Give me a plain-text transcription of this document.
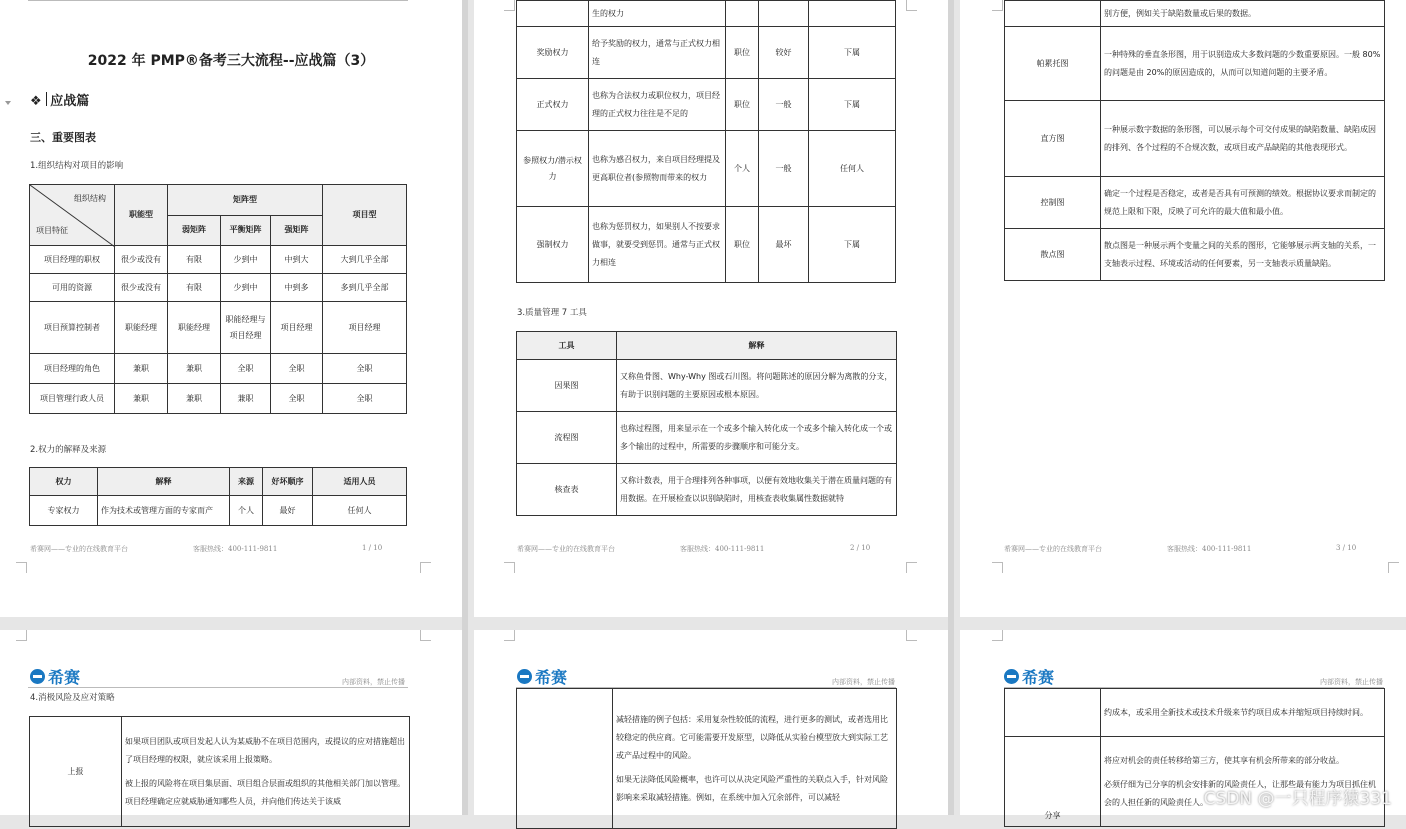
2022 年 PMP®备考三大流程--应战篇（3）
❖ 应战篇
三、重要图表
1.组织结构对项目的影响
组织结构
项目特征	职能型	矩阵型			项目型
		弱矩阵	平衡矩阵	强矩阵	
项目经理的职权	很少或没有	有限	少到中	中到大	大到几乎全部
可用的资源	很少或没有	有限	少到中	中到多	多到几乎全部
项目预算控制者	职能经理	职能经理	职能经理与项目经理	项目经理	项目经理
项目经理的角色	兼职	兼职	全职	全职	全职
项目管理行政人员	兼职	兼职	兼职	全职	全职
2.权力的解释及来源
权力	解释	来源	好坏顺序	适用人员
专家权力	作为技术或管理方面的专家而产	个人	最好	任何人
希赛网——专业的在线教育平台	客服热线：400-111-9811	1 / 10
	生的权力			
奖励权力	给予奖励的权力，通常与正式权力相连	职位	较好	下属
正式权力	也称为合法权力或职位权力，项目经理的正式权力往往是不足的	职位	一般	下属
参照权力/潜示权力	也称为感召权力，来自项目经理提及更高职位者(参照物而带来的权力	个人	一般	任何人
强制权力	也称为惩罚权力，如果别人不按要求做事，就要受到惩罚。通常与正式权力相连	职位	最坏	下属
3.质量管理 7 工具
工具	解释
因果图	又称鱼骨图、Why-Why 图或石川图。将问题陈述的原因分解为离散的分支，有助于识别问题的主要原因或根本原因。
流程图	也称过程图，用来显示在一个或多个输入转化成一个或多个输入转化成一个或多个输出的过程中，所需要的步骤顺序和可能分支。
核查表	又称计数表，用于合理排列各种事项，以便有效地收集关于潜在质量问题的有用数据。在开展检查以识别缺陷时，用核查表收集属性数据就特
希赛网——专业的在线教育平台	客服热线：400-111-9811	2 / 10
	别方便，例如关于缺陷数量或后果的数据。
帕累托图	一种特殊的垂直条形图，用于识别造成大多数问题的少数重要原因。一般 80%的问题是由 20%的原因造成的，从而可以知道问题的主要矛盾。
直方图	一种展示数字数据的条形图，可以展示每个可交付成果的缺陷数量、缺陷成因的排列、各个过程的不合规次数，或项目或产品缺陷的其他表现形式。
控制图	确定一个过程是否稳定，或者是否具有可预测的绩效。根据协议要求而制定的规范上限和下限，反映了可允许的最大值和最小值。
散点图	散点图是一种展示两个变量之间的关系的图形，它能够展示两支轴的关系，一支轴表示过程、环境或活动的任何要素，另一支轴表示质量缺陷。
希赛网——专业的在线教育平台	客服热线：400-111-9811	3 / 10
希赛	内部资料，禁止传播
4.消极风险及应对策略
上报	
如果项目团队或项目发起人认为某威胁不在项目范围内，或提议的应对措施超出了项目经理的权限，就应该采用上报策略。
被上报的风险将在项目集层面、项目组合层面或组织的其他相关部门加以管理。项目经理确定应就威胁通知哪些人员，并向他们传达关于该威
希赛	内部资料，禁止传播

减轻措施的例子包括：采用复杂性较低的流程，进行更多的测试，或者选用比较稳定的供应商。它可能需要开发原型，以降低从实验台模型放大到实际工艺或产品过程中的风险。
如果无法降低风险概率，也许可以从决定风险严重性的关联点入手，针对风险影响来采取减轻措施。例如，在系统中加入冗余部件，可以减轻
希赛	内部资料，禁止传播
	约成本，或采用全新技术或技术升级来节约项目成本并缩短项目持续时间。
分享	将应对机会的责任转移给第三方，使其享有机会所带来的部分收益。
必须仔细为已分享的机会安排新的风险责任人，让那些最有能力为项目抓住机会的人担任新的风险责任人。
CSDN @一只程序猿331
